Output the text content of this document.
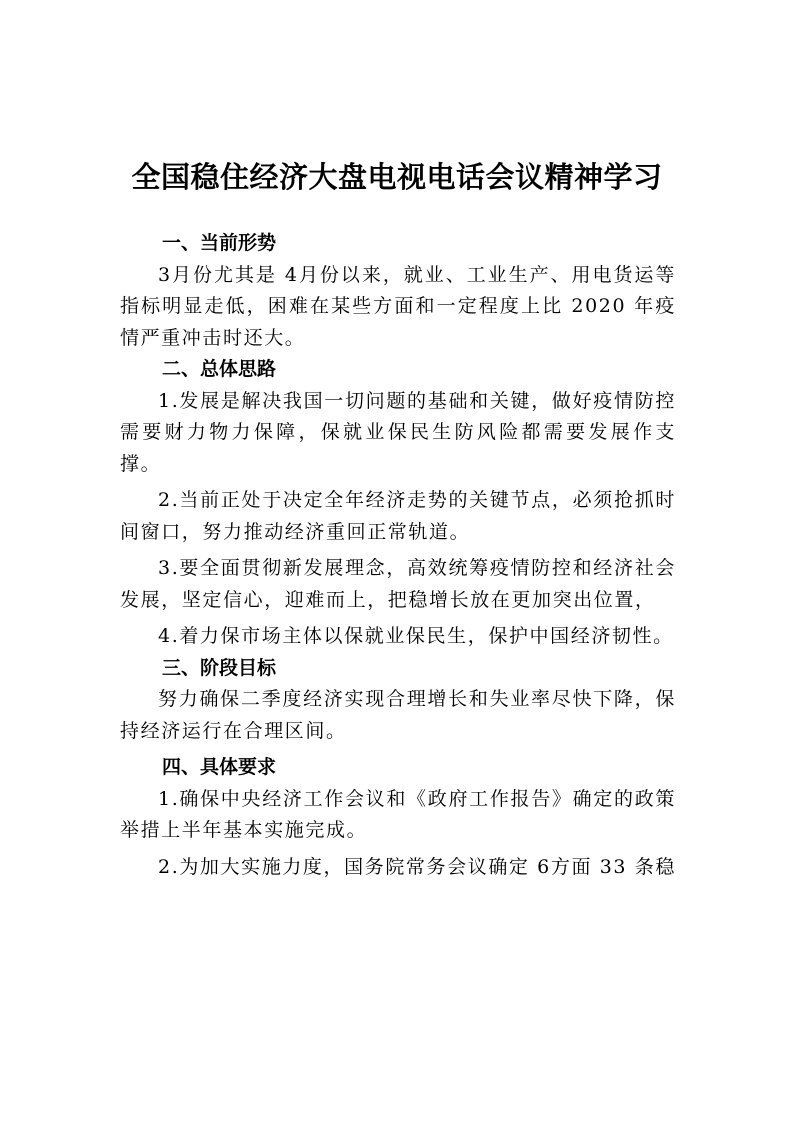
全国稳住经济大盘电视电话会议精神学习
一、当前形势
3月份尤其是 4月份以来，就业、工业生产、用电货运等指标明显走低，困难在某些方面和一定程度上比 2020 年疫情严重冲击时还大。
二、总体思路
1.发展是解决我国一切问题的基础和关键，做好疫情防控需要财力物力保障，保就业保民生防风险都需要发展作支撑。
2.当前正处于决定全年经济走势的关键节点，必须抢抓时间窗口，努力推动经济重回正常轨道。
3.要全面贯彻新发展理念，高效统筹疫情防控和经济社会发展，坚定信心，迎难而上，把稳增长放在更加突出位置，
4.着力保市场主体以保就业保民生，保护中国经济韧性。
三、阶段目标
努力确保二季度经济实现合理增长和失业率尽快下降，保持经济运行在合理区间。
四、具体要求
1.确保中央经济工作会议和《政府工作报告》确定的政策举措上半年基本实施完成。
2.为加大实施力度，国务院常务会议确定 6方面 33 条稳
